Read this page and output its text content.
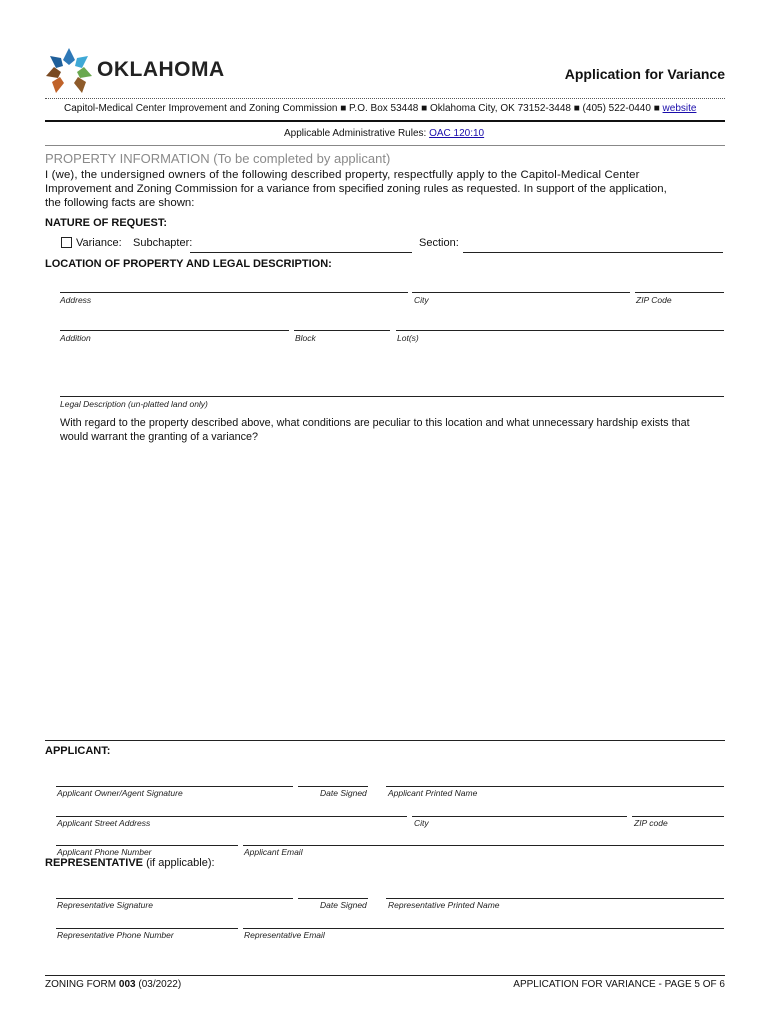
OKLAHOMA	Application for Variance
Capitol-Medical Center Improvement and Zoning Commission ■ P.O. Box 53448 ■ Oklahoma City, OK 73152-3448 ■ (405) 522-0440 ■ website
Applicable Administrative Rules: OAC 120:10
PROPERTY INFORMATION (To be completed by applicant)
I (we), the undersigned owners of the following described property, respectfully apply to the Capitol-Medical Center
Improvement and Zoning Commission for a variance from specified zoning rules as requested. In support of the application,
the following facts are shown:
NATURE OF REQUEST:
Variance: Subchapter:	Section:
LOCATION OF PROPERTY AND LEGAL DESCRIPTION:
Address	City	ZIP Code
Addition	Block	Lot(s)
Legal Description (un-platted land only)
With regard to the property described above, what conditions are peculiar to this location and what unnecessary hardship exists that
would warrant the granting of a variance?
APPLICANT:
Applicant Owner/Agent Signature	Date Signed Applicant Printed Name
Applicant Street Address	City	ZIP code
Applicant Phone Number	Applicant Email
REPRESENTATIVE (if applicable):
Representative Signature	Date Signed Representative Printed Name
Representative Phone Number	Representative Email
ZONING FORM 003 (03/2022)	APPLICATION FOR VARIANCE - PAGE 5 OF 6
